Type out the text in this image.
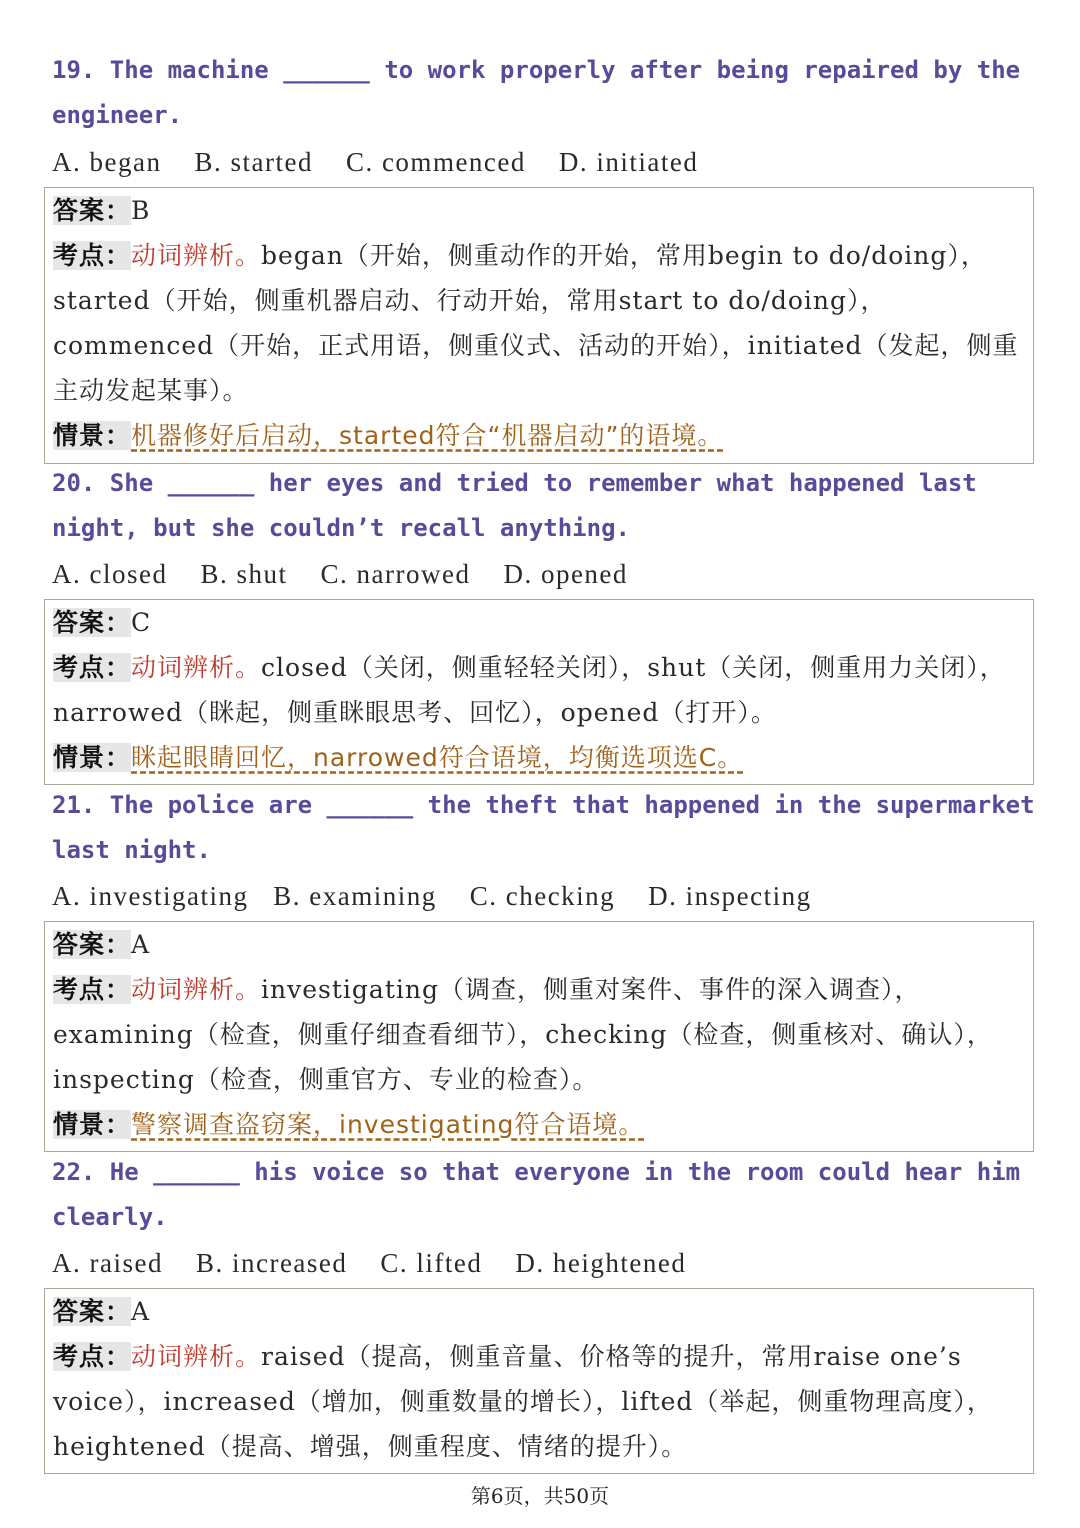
19. The machine ______ to work properly after being repaired by the engineer.
A. began    B. started    C. commenced    D. initiated
答案：B
考点：动词辨析。began（开始，侧重动作的开始，常用begin to do/doing），started（开始，侧重机器启动、行动开始，常用start to do/doing），commenced（开始，正式用语，侧重仪式、活动的开始），initiated（发起，侧重主动发起某事）。
情景：机器修好后启动，started符合“机器启动”的语境。
20. She ______ her eyes and tried to remember what happened last night, but she couldn’t recall anything.
A. closed    B. shut    C. narrowed    D. opened
答案：C
考点：动词辨析。closed（关闭，侧重轻轻关闭），shut（关闭，侧重用力关闭），narrowed（眯起，侧重眯眼思考、回忆），opened（打开）。
情景：眯起眼睛回忆，narrowed符合语境，均衡选项选C。
21. The police are ______ the theft that happened in the supermarket last night.
A. investigating   B. examining    C. checking    D. inspecting
答案：A
考点：动词辨析。investigating（调查，侧重对案件、事件的深入调查），examining（检查，侧重仔细查看细节），checking（检查，侧重核对、确认），inspecting（检查，侧重官方、专业的检查）。
情景：警察调查盗窃案，investigating符合语境。
22. He ______ his voice so that everyone in the room could hear him clearly.
A. raised    B. increased    C. lifted    D. heightened
答案：A
考点：动词辨析。raised（提高，侧重音量、价格等的提升，常用raise one’s voice），increased（增加，侧重数量的增长），lifted（举起，侧重物理高度），heightened（提高、增强，侧重程度、情绪的提升）。
第6页，共50页
